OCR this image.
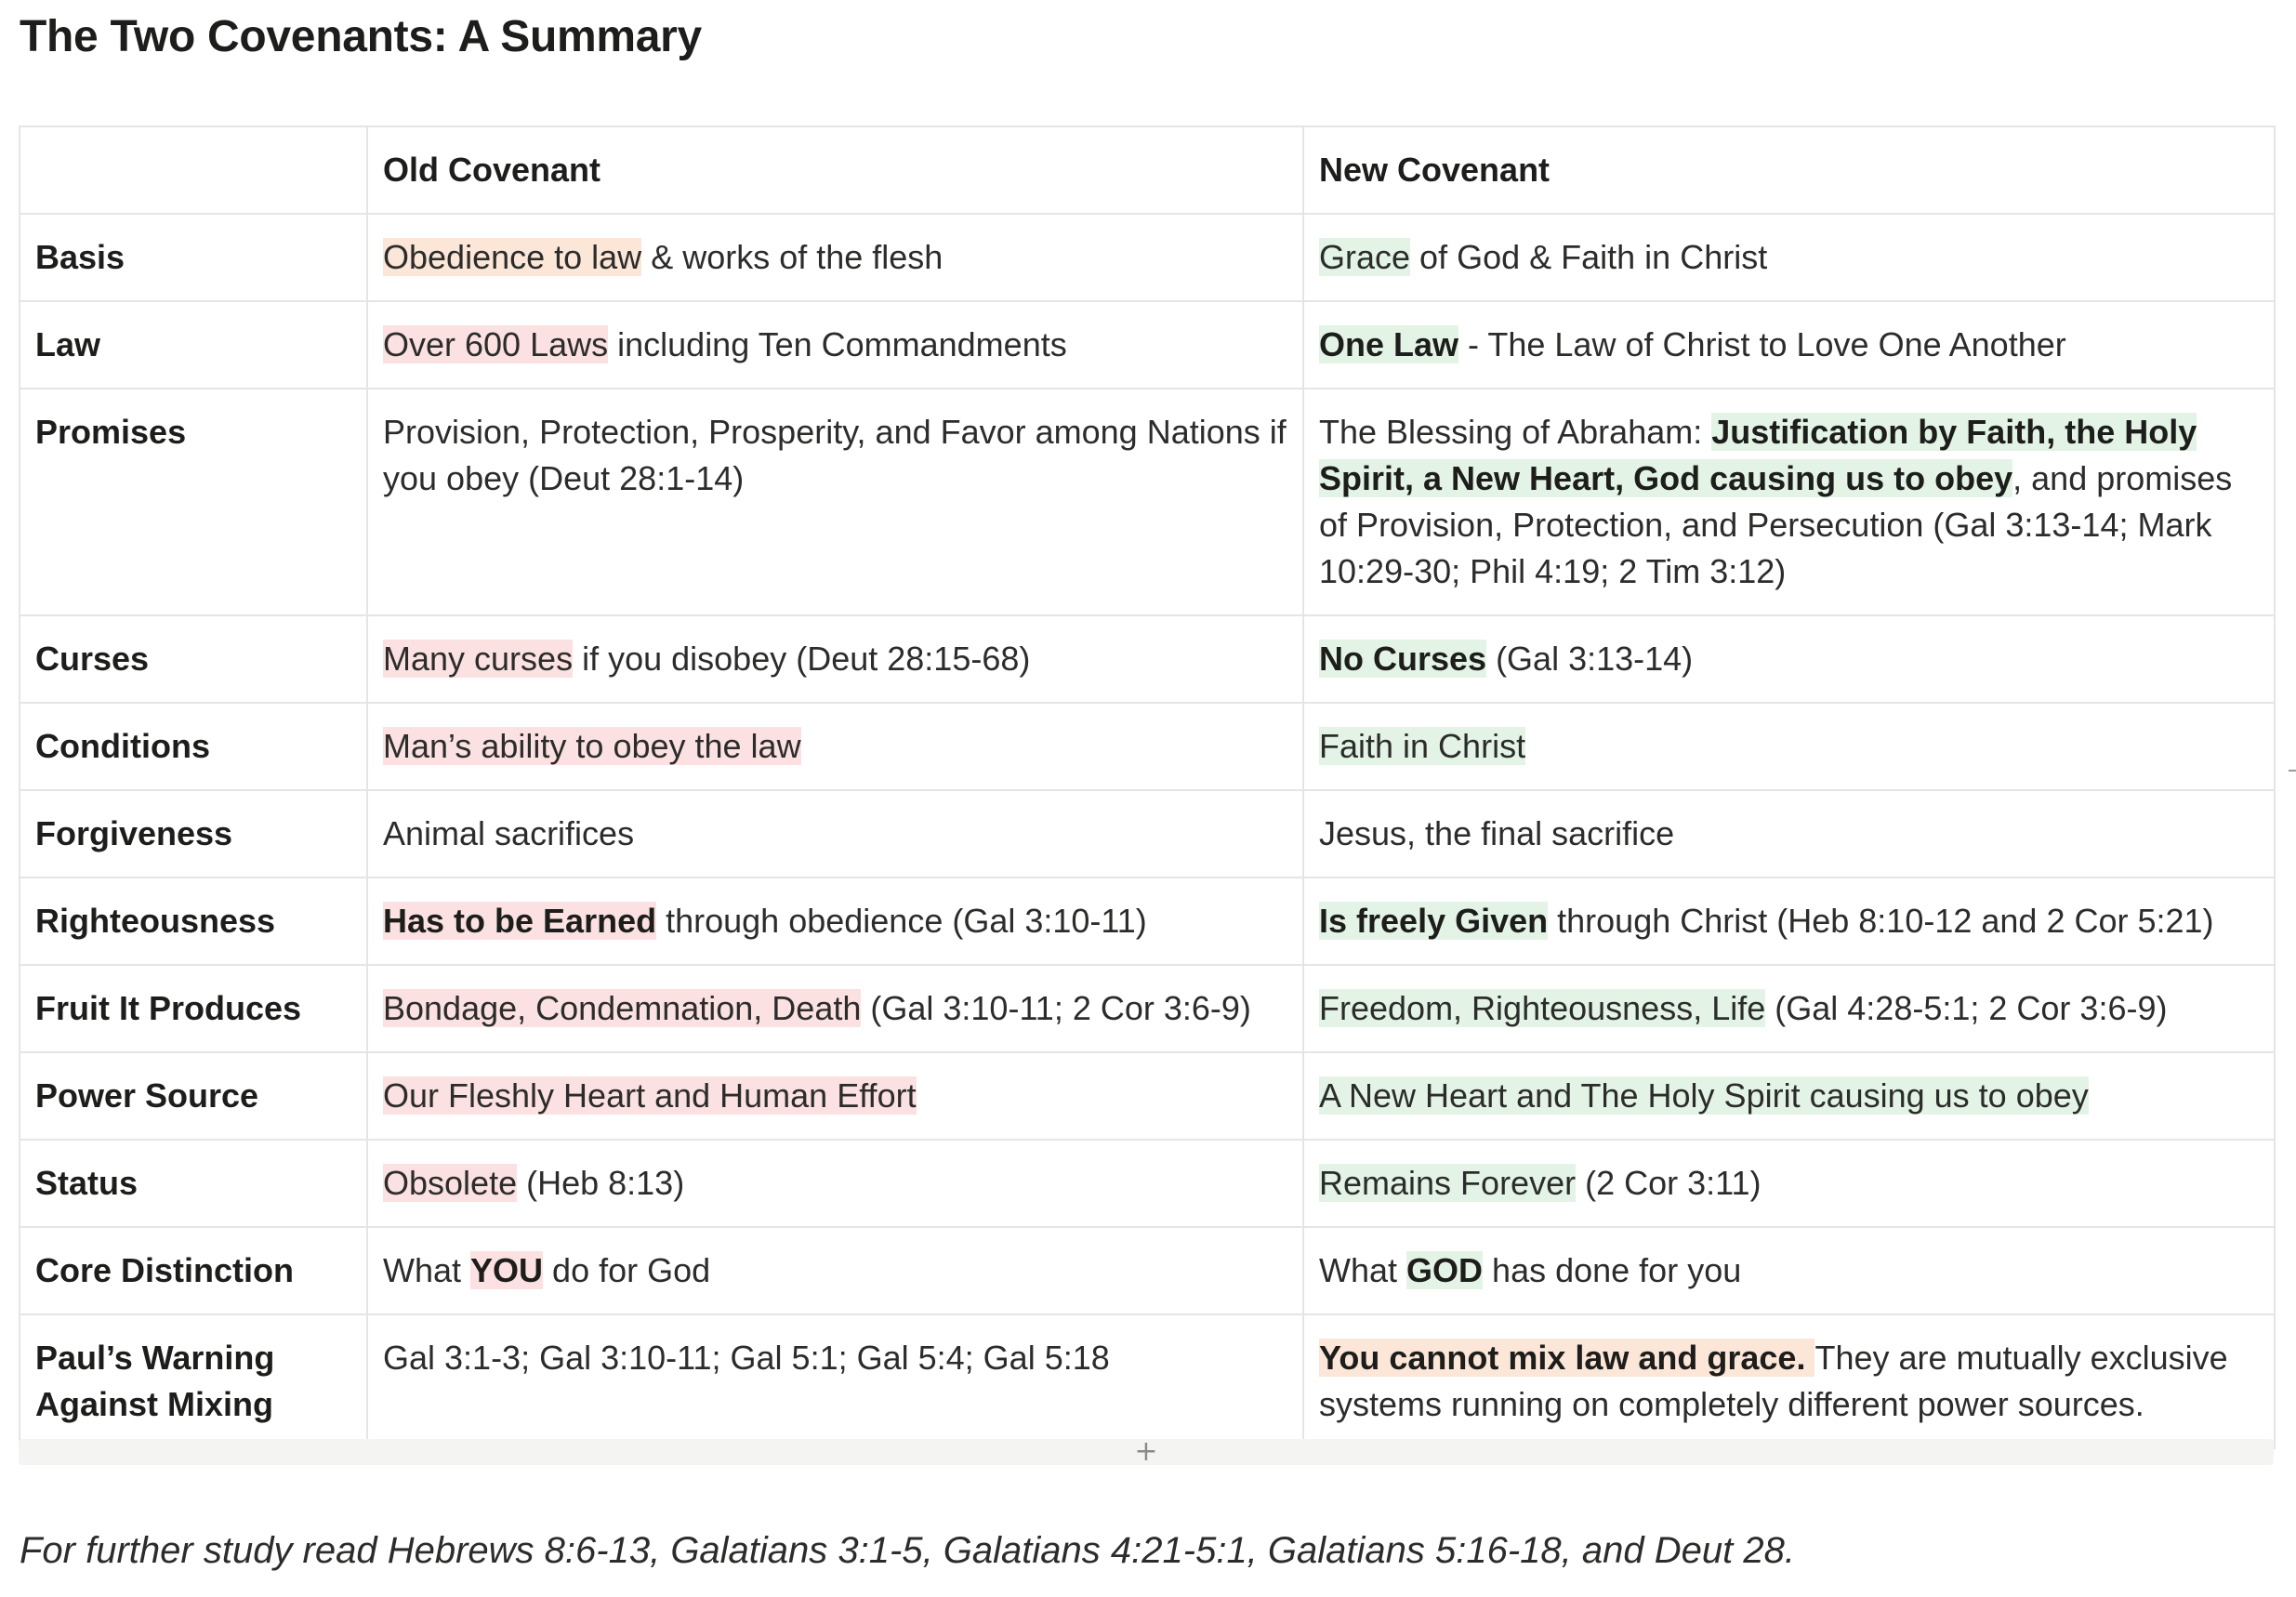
The Two Covenants: A Summary
	Old Covenant	New Covenant
Basis	Obedience to law & works of the flesh	Grace of God & Faith in Christ
Law	Over 600 Laws including Ten Commandments	One Law - The Law of Christ to Love One Another
Promises	Provision, Protection, Prosperity, and Favor among Nations if you obey (Deut 28:1-14)	The Blessing of Abraham: Justification by Faith, the Holy Spirit, a New Heart, God causing us to obey, and promises of Provision, Protection, and Persecution (Gal 3:13-14; Mark 10:29-30; Phil 4:19; 2 Tim 3:12)
Curses	Many curses if you disobey (Deut 28:15-68)	No Curses (Gal 3:13-14)
Conditions	Man’s ability to obey the law	Faith in Christ
Forgiveness	Animal sacrifices	Jesus, the final sacrifice
Righteousness	Has to be Earned through obedience (Gal 3:10-11)	Is freely Given through Christ (Heb 8:10-12 and 2 Cor 5:21)
Fruit It Produces	Bondage, Condemnation, Death (Gal 3:10-11; 2 Cor 3:6-9)	Freedom, Righteousness, Life (Gal 4:28-5:1; 2 Cor 3:6-9)
Power Source	Our Fleshly Heart and Human Effort	A New Heart and The Holy Spirit causing us to obey
Status	Obsolete (Heb 8:13)	Remains Forever (2 Cor 3:11)
Core Distinction	What YOU do for God	What GOD has done for you
Paul’s Warning Against Mixing	Gal 3:1-3; Gal 3:10-11; Gal 5:1; Gal 5:4; Gal 5:18	You cannot mix law and grace. They are mutually exclusive systems running on completely different power sources.
+

For further study read Hebrews 8:6-13, Galatians 3:1-5, Galatians 4:21-5:1, Galatians 5:16-18, and Deut 28.
